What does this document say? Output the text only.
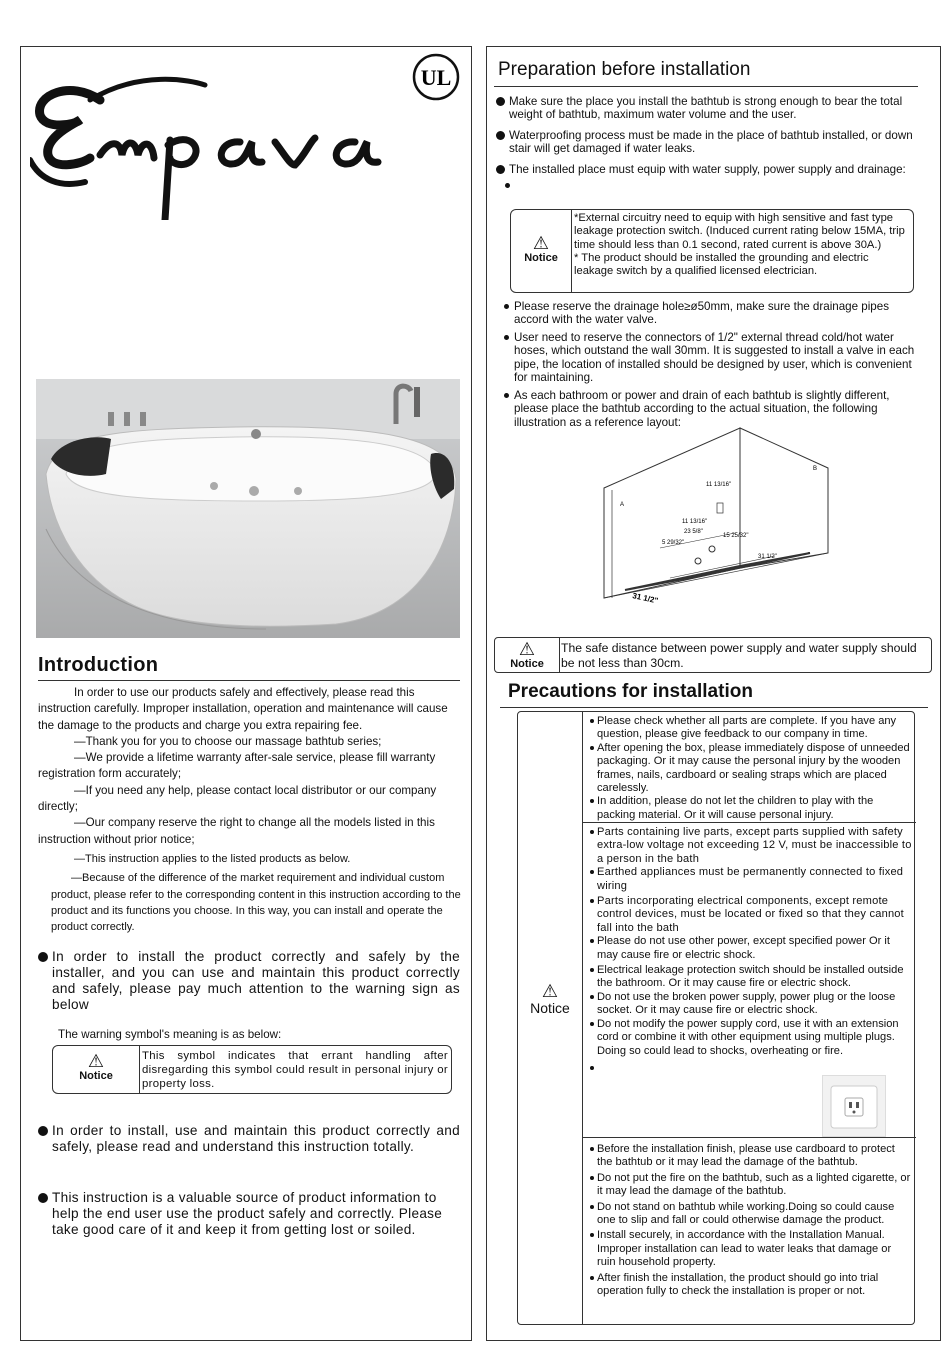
UL
Introduction

In order to use our products safely and effectively, please read this instruction carefully. Improper installation, operation and maintenance will cause the damage to the products and charge you extra repairing fee.

—Thank you for you to choose our massage bathtub series;

—We provide a lifetime warranty after-sale service, please fill warranty registration form accurately;

—If you need any help, please contact local distributor or our company directly;

—Our company reserve the right to change all the models listed in this instruction without prior notice;

—This instruction applies to the listed products as below.

—Because of the difference of the market requirement and individual custom product, please refer to the corresponding content in this instruction according to the product and its functions you choose. In this way, you can install and operate the product correctly.

In order to install the product correctly and safely by the installer, and you can use and maintain this product correctly and safely, please pay much attention to the warning sign as below
The warning symbol's meaning is as below:
⚠
Notice
This symbol indicates that errant handling after disregarding this symbol could result in personal injury or property loss.
In order to install, use and maintain this product correctly and safely, please read and understand this instruction totally.
This instruction is a valuable source of product information to help the end user use the product safely and correctly. Please take good care of it and keep it from getting lost or soiled.
Preparation before installation
Make sure the place you install the bathtub is strong enough to bear the total weight of bathtub, maximum water volume and the user.
Waterproofing process must be made in the place of bathtub installed, or down stair will get damaged if water leaks.
The installed place must equip with water supply, power supply and drainage:
⚠
Notice
*External circuitry need to equip with high sensitive and fast type leakage protection switch. (Induced current rating below 15MA, trip time should less than 0.1 second, rated current is above 30A.)
* The product should be installed the grounding and electric leakage switch by a qualified licensed electrician.
Please reserve the drainage hole≥ø50mm, make sure the drainage pipes accord with the water valve.
User need to reserve the connectors of 1/2" external thread cold/hot water hoses, which outstand the wall 30mm. It is suggested to install a valve in each pipe, the location of installed should be designed by user, which is convenient for maintaining.
As each bathroom or power and drain of each bathtub is slightly different, please place the bathtub according to the actual situation, the following illustration as a reference layout:
A
B
11 13/16"
11 13/16"
23 5/8"
5 29/32"
15 25/32"
31 1/2"
31 1/2"
⚠
Notice
The safe distance between power supply and water supply should be not less than 30cm.
Precautions for installation
⚠
Notice
Please check whether all parts are complete. If you have any question, please give feedback to our company in time.
After opening the box, please immediately dispose of unneeded packaging. Or it may cause the personal injury by the wooden frames, nails, cardboard or sealing straps which are placed carelessly.
In addition, please do not let the children to play with the packing material. Or it will cause personal injury.
Parts containing live parts, except parts supplied with safety extra-low voltage not exceeding 12 V, must be inaccessible to a person in the bath
Earthed appliances must be permanently connected to fixed wiring
Parts incorporating electrical components, except remote control devices, must be located or fixed so that they cannot fall into the bath
Please do not use other power, except specified power Or it may cause fire or electric shock.
Electrical leakage protection switch should be installed outside the bathroom. Or it may cause fire or electric shock.
Do not use the broken power supply, power plug or the loose socket. Or it may cause fire or electric shock.
Do not modify the power supply cord, use it with an extension cord or combine it with other equipment using multiple plugs. Doing so could lead to shocks, overheating or fire.
Before the installation finish, please use cardboard to protect the bathtub or it may lead the damage of the bathtub.
Do not put the fire on the bathtub, such as a lighted cigarette, or it may lead the damage of the bathtub.
Do not stand on bathtub while working.Doing so could cause one to slip and fall or could otherwise damage the product.
Install securely, in accordance with the Installation Manual. Improper installation can lead to water leaks that damage or ruin household property.
After finish the installation, the product should go into trial operation fully to check the installation is proper or not.
